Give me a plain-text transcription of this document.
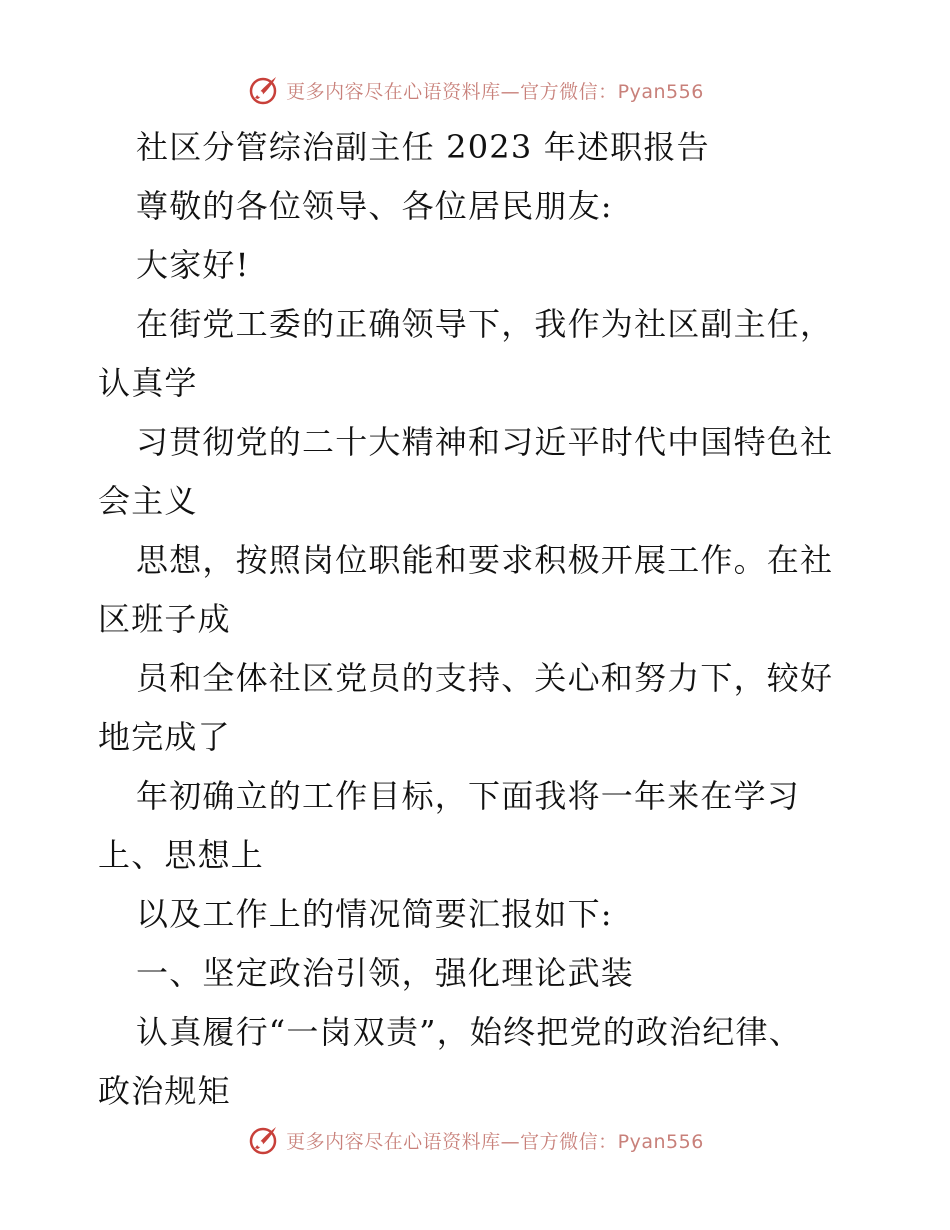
更多内容尽在心语资料库—官方微信：Pyan556

社区分管综治副主任 2023 年述职报告

尊敬的各位领导、各位居民朋友:

大家好!

在街党工委的正确领导下，我作为社区副主任，

认真学

习贯彻党的二十大精神和习近平时代中国特色社

会主义

思想，按照岗位职能和要求积极开展工作。在社

区班子成

员和全体社区党员的支持、关心和努力下，较好

地完成了

年初确立的工作目标，下面我将一年来在学习

上、思想上

以及工作上的情况简要汇报如下:

一、坚定政治引领，强化理论武装

认真履行“一岗双责”，始终把党的政治纪律、

政治规矩

更多内容尽在心语资料库—官方微信：Pyan556
